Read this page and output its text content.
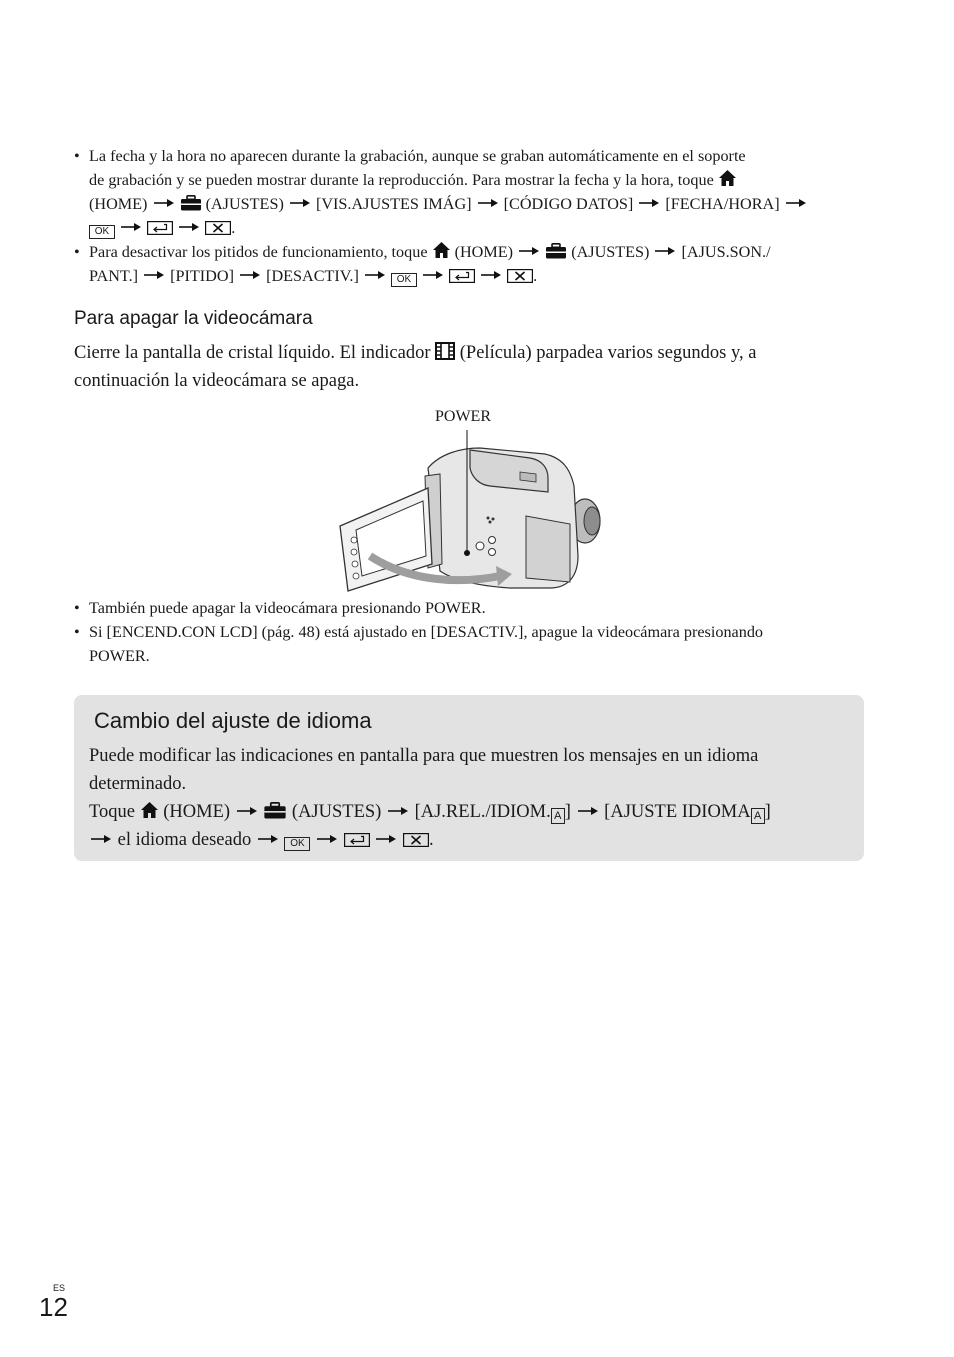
• La fecha y la hora no aparecen durante la grabación, aunque se graban automáticamente en el soporte
de grabación y se pueden mostrar durante la reproducción. Para mostrar la fecha y la hora, toque
(HOME)	(AJUSTES) [VIS.AJUSTES IMÁG] [CÓDIGO DATOS] [FECHA/HORA]
OK	.
• Para desactivar los pitidos de funcionamiento, toque (HOME)	(AJUSTES) [AJUS.SON./
PANT.] [PITIDO] [DESACTIV.]	OK	.
Para apagar la videocámara
Cierre la pantalla de cristal líquido. El indicador (Película) parpadea varios segundos y, a
continuación la videocámara se apaga.
POWER
• También puede apagar la videocámara presionando POWER.
• Si [ENCEND.CON LCD] (pág. 48) está ajustado en [DESACTIV.], apague la videocámara presionando
POWER.
Cambio del ajuste de idioma
Puede modificar las indicaciones en pantalla para que muestren los mensajes en un idioma
determinado.
Toque (HOME)	(AJUSTES) [AJ.REL./IDIOM. A ] [AJUSTE IDIOMA A ]
el idioma deseado	OK	.
ES
12
